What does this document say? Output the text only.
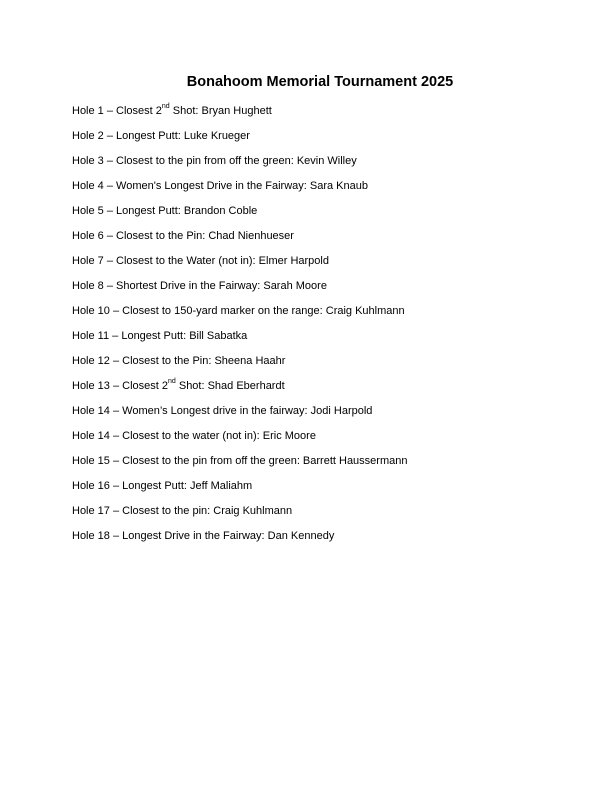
Bonahoom Memorial Tournament 2025
Hole 1 – Closest 2nd Shot: Bryan Hughett
Hole 2 – Longest Putt: Luke Krueger
Hole 3 – Closest to the pin from off the green: Kevin Willey
Hole 4 – Women's Longest Drive in the Fairway: Sara Knaub
Hole 5 – Longest Putt: Brandon Coble
Hole 6 – Closest to the Pin: Chad Nienhueser
Hole 7 – Closest to the Water (not in): Elmer Harpold
Hole 8 – Shortest Drive in the Fairway: Sarah Moore
Hole 10 – Closest to 150-yard marker on the range: Craig Kuhlmann
Hole 11 – Longest Putt: Bill Sabatka
Hole 12 – Closest to the Pin: Sheena Haahr
Hole 13 – Closest 2nd Shot: Shad Eberhardt
Hole 14 – Women’s Longest drive in the fairway: Jodi Harpold
Hole 14 – Closest to the water (not in): Eric Moore
Hole 15 – Closest to the pin from off the green: Barrett Haussermann
Hole 16 – Longest Putt: Jeff Maliahm
Hole 17 – Closest to the pin: Craig Kuhlmann
Hole 18 – Longest Drive in the Fairway: Dan Kennedy
